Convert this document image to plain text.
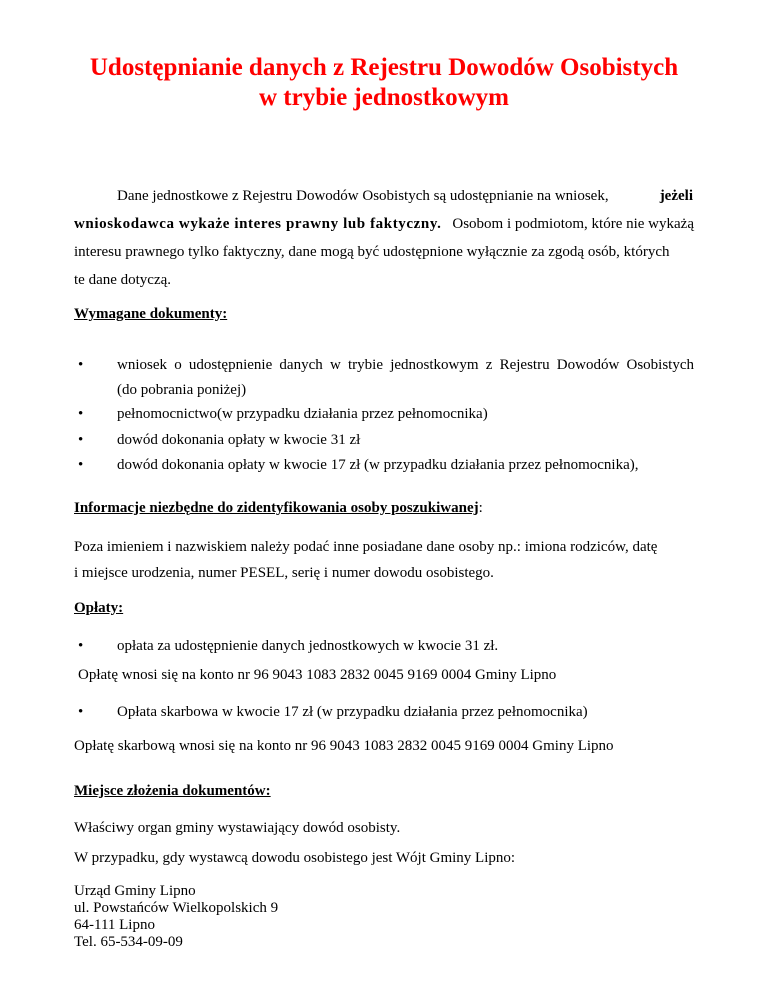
Udostępnianie danych z Rejestru Dowodów Osobistych
w trybie jednostkowym
Dane jednostkowe z Rejestru Dowodów Osobistych są udostępnianie na wniosek,	jeżeli
wnioskodawca wykaże interes prawny lub faktyczny. Osobom i podmiotom, które nie wykażą
interesu prawnego tylko faktyczny, dane mogą być udostępnione wyłącznie za zgodą osób, których
te dane dotyczą.
Wymagane dokumenty:
• wniosek o udostępnienie danych w trybie jednostkowym z Rejestru Dowodów Osobistych
(do pobrania poniżej)
• pełnomocnictwo(w przypadku działania przez pełnomocnika)
• dowód dokonania opłaty w kwocie 31 zł
• dowód dokonania opłaty w kwocie 17 zł (w przypadku działania przez pełnomocnika),
Informacje niezbędne do zidentyfikowania osoby poszukiwanej:
Poza imieniem i nazwiskiem należy podać inne posiadane dane osoby np.: imiona rodziców, datę
i miejsce urodzenia, numer PESEL, serię i numer dowodu osobistego.
Opłaty:
• opłata za udostępnienie danych jednostkowych w kwocie 31 zł.
Opłatę wnosi się na konto nr 96 9043 1083 2832 0045 9169 0004 Gminy Lipno
• Opłata skarbowa w kwocie 17 zł (w przypadku działania przez pełnomocnika)
Opłatę skarbową wnosi się na konto nr 96 9043 1083 2832 0045 9169 0004 Gminy Lipno
Miejsce złożenia dokumentów:
Właściwy organ gminy wystawiający dowód osobisty.
W przypadku, gdy wystawcą dowodu osobistego jest Wójt Gminy Lipno:
Urząd Gminy Lipno
ul. Powstańców Wielkopolskich 9
64-111 Lipno
Tel. 65-534-09-09
